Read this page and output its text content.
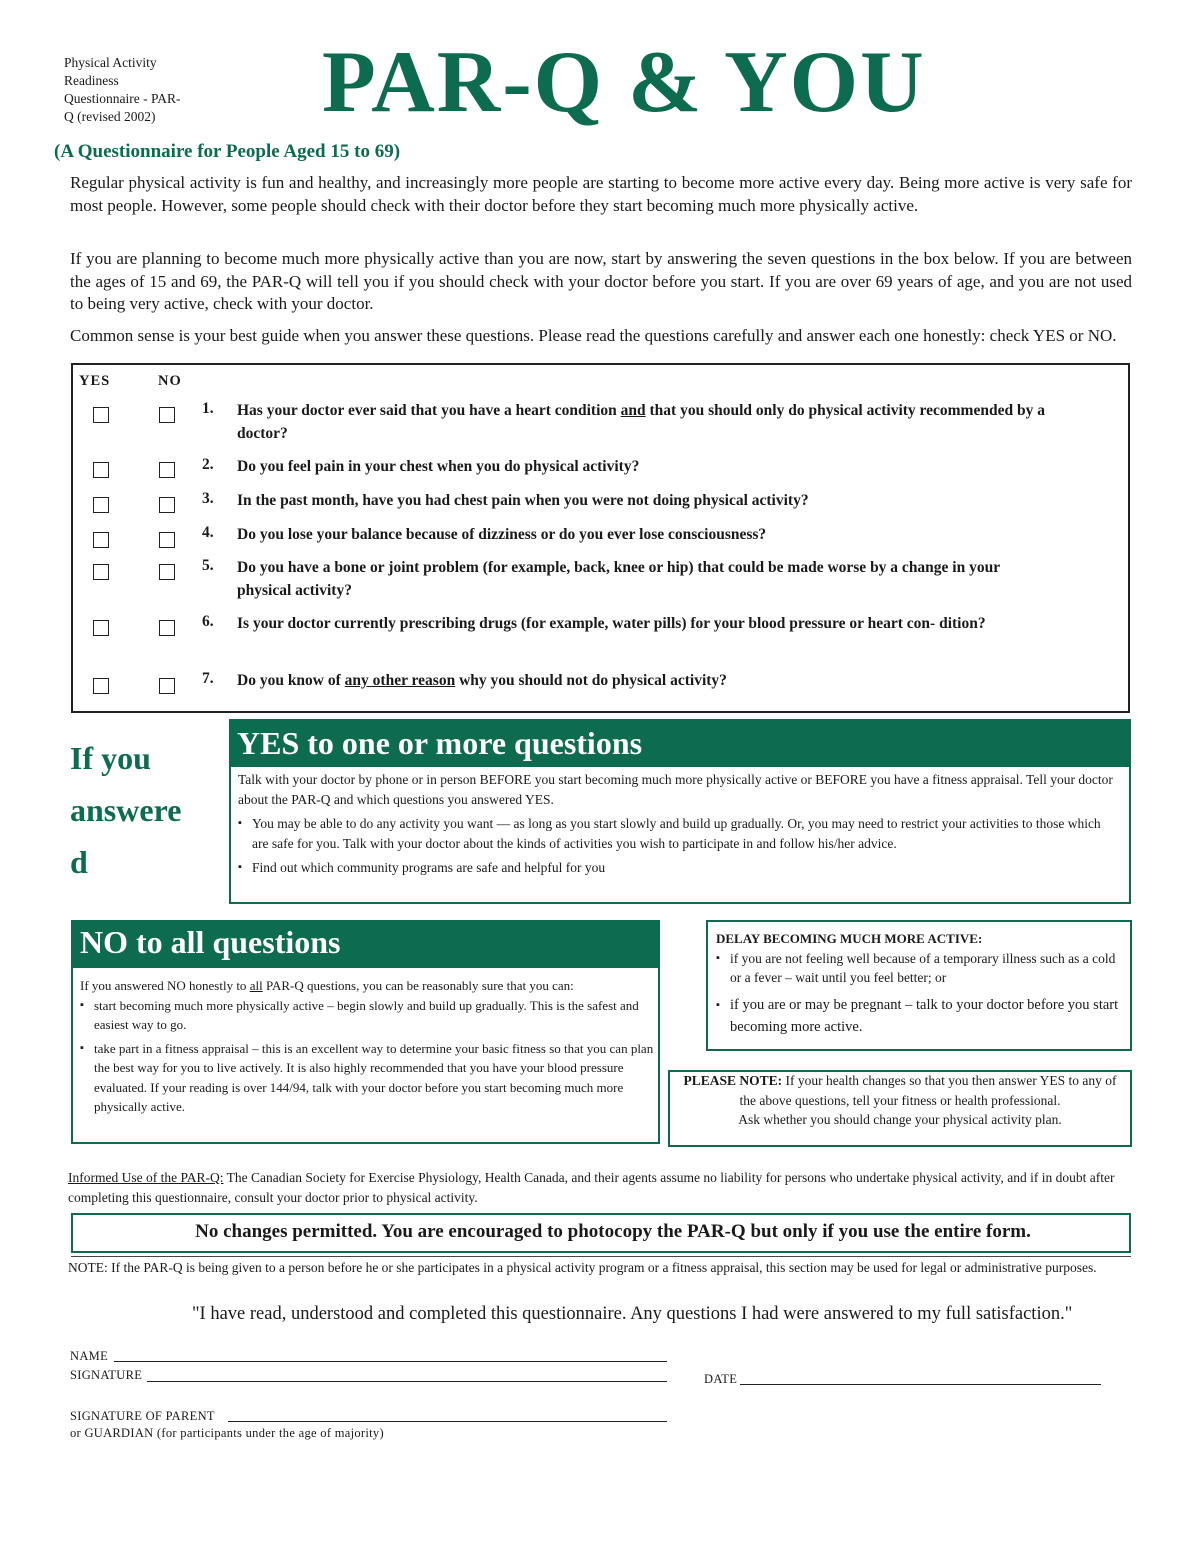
Physical Activity
Readiness
Questionnaire - PAR-
Q (revised 2002)	PAR-Q & YOU
(A Questionnaire for People Aged 15 to 69)
Regular physical activity is fun and healthy, and increasingly more people are starting to become more active every day. Being more active is very safe for most people. However, some people should check with their doctor before they start becoming much more physically active.
If you are planning to become much more physically active than you are now, start by answering the seven questions in the box below. If you are between the ages of 15 and 69, the PAR-Q will tell you if you should check with your doctor before you start. If you are over 69 years of age, and you are not used to being very active, check with your doctor.
Common sense is your best guide when you answer these questions. Please read the questions carefully and answer each one honestly: check YES or NO.
YES	NO
1. Has your doctor ever said that you have a heart condition and that you should only do physical activity recommended by a doctor?
2. Do you feel pain in your chest when you do physical activity?
3. In the past month, have you had chest pain when you were not doing physical activity?
4. Do you lose your balance because of dizziness or do you ever lose consciousness?
5. Do you have a bone or joint problem (for example, back, knee or hip) that could be made worse by a change in your physical activity?
6. Is your doctor currently prescribing drugs (for example, water pills) for your blood pressure or heart con- dition?
7. Do you know of any other reason why you should not do physical activity?
If you
answere
d
YES to one or more questions
Talk with your doctor by phone or in person BEFORE you start becoming much more physically active or BEFORE you have a fitness appraisal. Tell your doctor about the PAR-Q and which questions you answered YES.
▪ You may be able to do any activity you want — as long as you start slowly and build up gradually. Or, you may need to restrict your activities to those which are safe for you. Talk with your doctor about the kinds of activities you wish to participate in and follow his/her advice.
▪ Find out which community programs are safe and helpful for you
NO to all questions
If you answered NO honestly to all PAR-Q questions, you can be reasonably sure that you can:
▪ start becoming much more physically active – begin slowly and build up gradually. This is the safest and easiest way to go.
▪ take part in a fitness appraisal – this is an excellent way to determine your basic fitness so that you can plan the best way for you to live actively. It is also highly recommended that you have your blood pressure evaluated. If your reading is over 144/94, talk with your doctor before you start becoming much more physically active.
DELAY BECOMING MUCH MORE ACTIVE:
▪ if you are not feeling well because of a temporary illness such as a cold or a fever – wait until you feel better; or
▪ if you are or may be pregnant – talk to your doctor before you start becoming more active.
PLEASE NOTE: If your health changes so that you then answer YES to any of the above questions, tell your fitness or health professional.
Ask whether you should change your physical activity plan.
Informed Use of the PAR-Q: The Canadian Society for Exercise Physiology, Health Canada, and their agents assume no liability for persons who undertake physical activity, and if in doubt after completing this questionnaire, consult your doctor prior to physical activity.
No changes permitted. You are encouraged to photocopy the PAR-Q but only if you use the entire form.
NOTE: If the PAR-Q is being given to a person before he or she participates in a physical activity program or a fitness appraisal, this section may be used for legal or administrative purposes.
"I have read, understood and completed this questionnaire. Any questions I had were answered to my full satisfaction."
NAME
SIGNATURE	DATE
SIGNATURE OF PARENT
or GUARDIAN (for participants under the age of majority)
